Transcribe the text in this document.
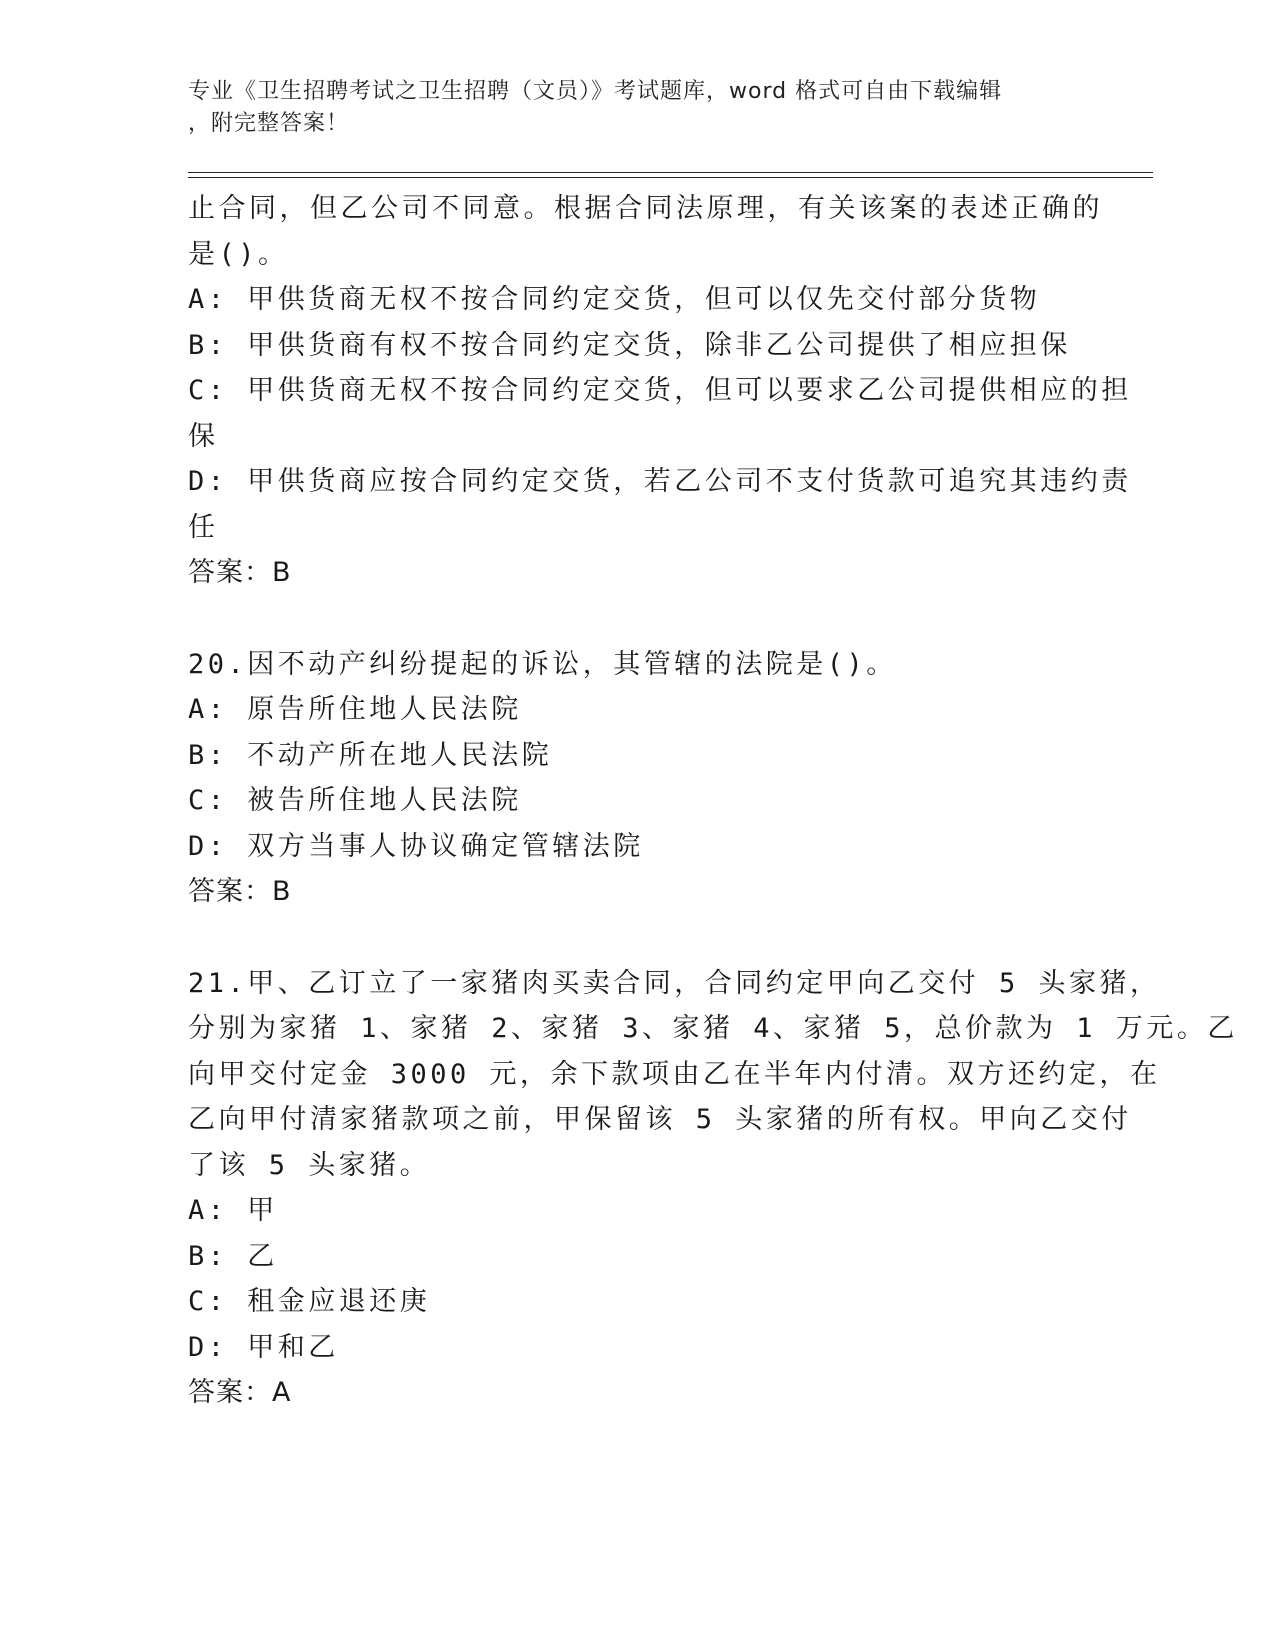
专业《卫生招聘考试之卫生招聘（文员）》考试题库，word 格式可自由下载编辑
，附完整答案！
止合同，但乙公司不同意。根据合同法原理，有关该案的表述正确的
是()。
A: 甲供货商无权不按合同约定交货，但可以仅先交付部分货物
B: 甲供货商有权不按合同约定交货，除非乙公司提供了相应担保
C: 甲供货商无权不按合同约定交货，但可以要求乙公司提供相应的担
保
D: 甲供货商应按合同约定交货，若乙公司不支付货款可追究其违约责
任
答案：B
20.因不动产纠纷提起的诉讼，其管辖的法院是()。
A: 原告所住地人民法院
B: 不动产所在地人民法院
C: 被告所住地人民法院
D: 双方当事人协议确定管辖法院
答案：B
21.甲、乙订立了一家猪肉买卖合同，合同约定甲向乙交付 5 头家猪，
分别为家猪 1、家猪 2、家猪 3、家猪 4、家猪 5，总价款为 1 万元。乙
向甲交付定金 3000 元，余下款项由乙在半年内付清。双方还约定，在
乙向甲付清家猪款项之前，甲保留该 5 头家猪的所有权。甲向乙交付
了该 5 头家猪。
A: 甲
B: 乙
C: 租金应退还庚
D: 甲和乙
答案：A
